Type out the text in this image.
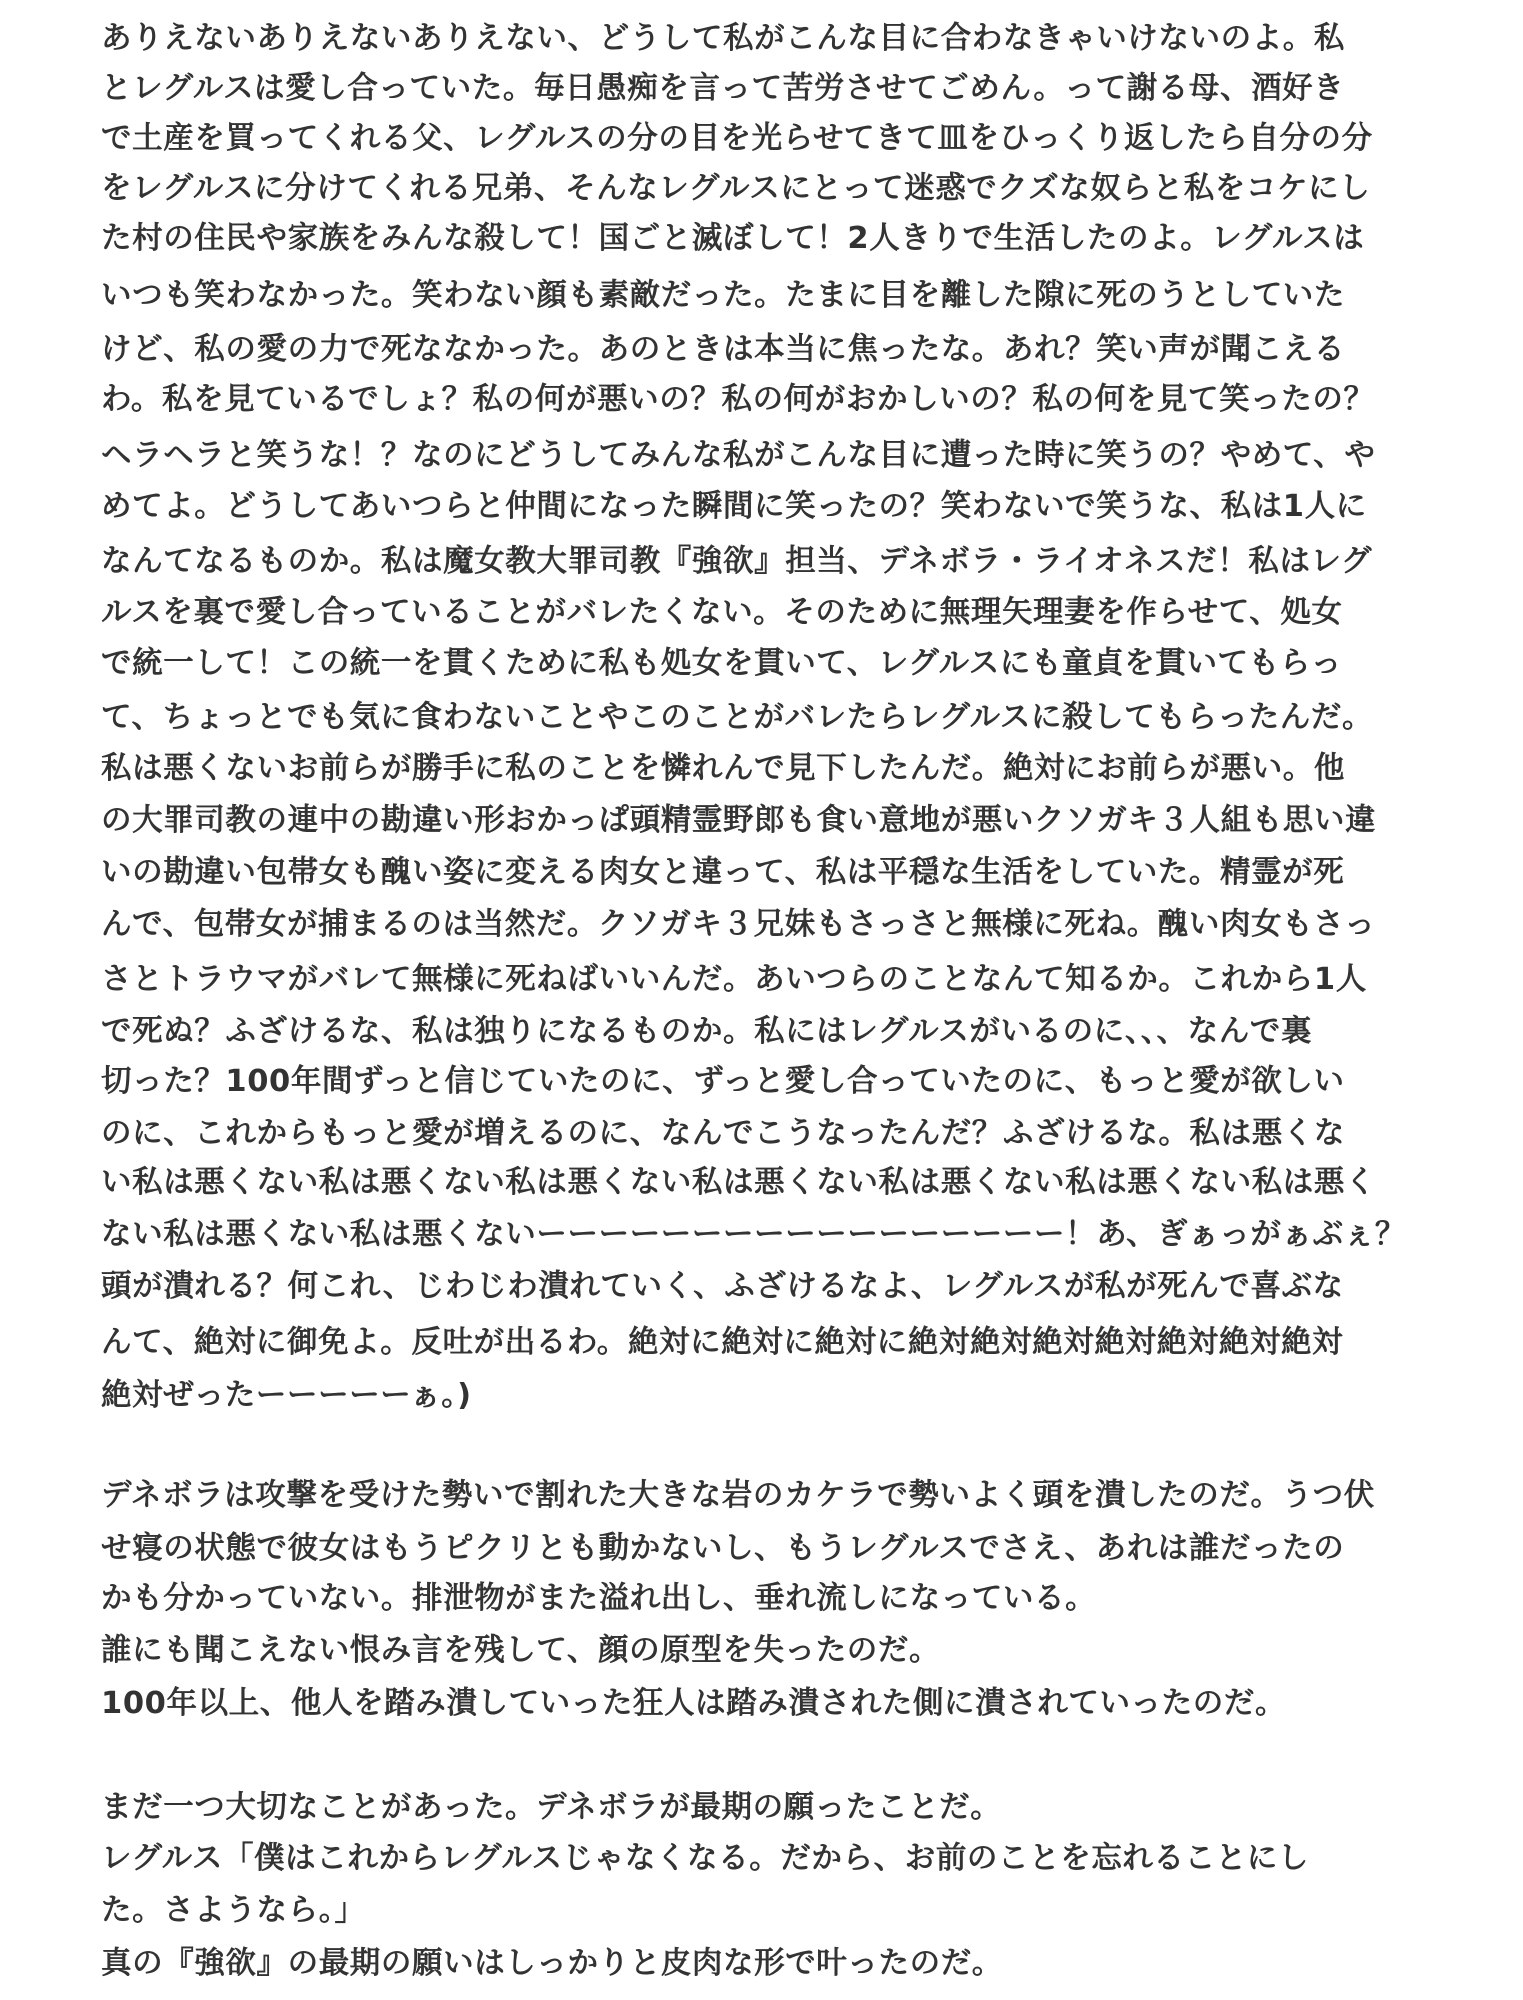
ありえないありえないありえない、どうして私がこんな目に合わなきゃいけないのよ。私
とレグルスは愛し合っていた。毎日愚痴を言って苦労させてごめん。って謝る母、酒好き
で土産を買ってくれる父、レグルスの分の目を光らせてきて皿をひっくり返したら自分の分
をレグルスに分けてくれる兄弟、そんなレグルスにとって迷惑でクズな奴らと私をコケにし
た村の住民や家族をみんな殺して！国ごと滅ぼして！2人きりで生活したのよ。レグルスは
いつも笑わなかった。笑わない顔も素敵だった。たまに目を離した隙に死のうとしていた
けど、私の愛の力で死ななかった。あのときは本当に焦ったな。あれ？笑い声が聞こえる
わ。私を見ているでしょ？私の何が悪いの？私の何がおかしいの？私の何を見て笑ったの？
ヘラヘラと笑うな！？なのにどうしてみんな私がこんな目に遭った時に笑うの？やめて、や
めてよ。どうしてあいつらと仲間になった瞬間に笑ったの？笑わないで笑うな、私は1人に
なんてなるものか。私は魔女教大罪司教『強欲』担当、デネボラ・ライオネスだ！私はレグ
ルスを裏で愛し合っていることがバレたくない。そのために無理矢理妻を作らせて、処女
で統一して！この統一を貫くために私も処女を貫いて、レグルスにも童貞を貫いてもらっ
て、ちょっとでも気に食わないことやこのことがバレたらレグルスに殺してもらったんだ。
私は悪くないお前らが勝手に私のことを憐れんで見下したんだ。絶対にお前らが悪い。他
の大罪司教の連中の勘違い形おかっぱ頭精霊野郎も食い意地が悪いクソガキ３人組も思い違
いの勘違い包帯女も醜い姿に変える肉女と違って、私は平穏な生活をしていた。精霊が死
んで、包帯女が捕まるのは当然だ。クソガキ３兄妹もさっさと無様に死ね。醜い肉女もさっ
さとトラウマがバレて無様に死ねばいいんだ。あいつらのことなんて知るか。これから1人
で死ぬ？ふざけるな、私は独りになるものか。私にはレグルスがいるのに、、、なんで裏
切った？100年間ずっと信じていたのに、ずっと愛し合っていたのに、もっと愛が欲しい
のに、これからもっと愛が増えるのに、なんでこうなったんだ？ふざけるな。私は悪くな
い私は悪くない私は悪くない私は悪くない私は悪くない私は悪くない私は悪くない私は悪く
ない私は悪くない私は悪くないーーーーーーーーーーーーーーーーー！あ、ぎぁっがぁぶぇ？
頭が潰れる？何これ、じわじわ潰れていく、ふざけるなよ、レグルスが私が死んで喜ぶな
んて、絶対に御免よ。反吐が出るわ。絶対に絶対に絶対に絶対絶対絶対絶対絶対絶対絶対
絶対ぜったーーーーーぁ。)
デネボラは攻撃を受けた勢いで割れた大きな岩のカケラで勢いよく頭を潰したのだ。うつ伏
せ寝の状態で彼女はもうピクリとも動かないし、もうレグルスでさえ、あれは誰だったの
かも分かっていない。排泄物がまた溢れ出し、垂れ流しになっている。
誰にも聞こえない恨み言を残して、顔の原型を失ったのだ。
100年以上、他人を踏み潰していった狂人は踏み潰された側に潰されていったのだ。
まだ一つ大切なことがあった。デネボラが最期の願ったことだ。
レグルス「僕はこれからレグルスじゃなくなる。だから、お前のことを忘れることにし
た。さようなら。」
真の『強欲』の最期の願いはしっかりと皮肉な形で叶ったのだ。
